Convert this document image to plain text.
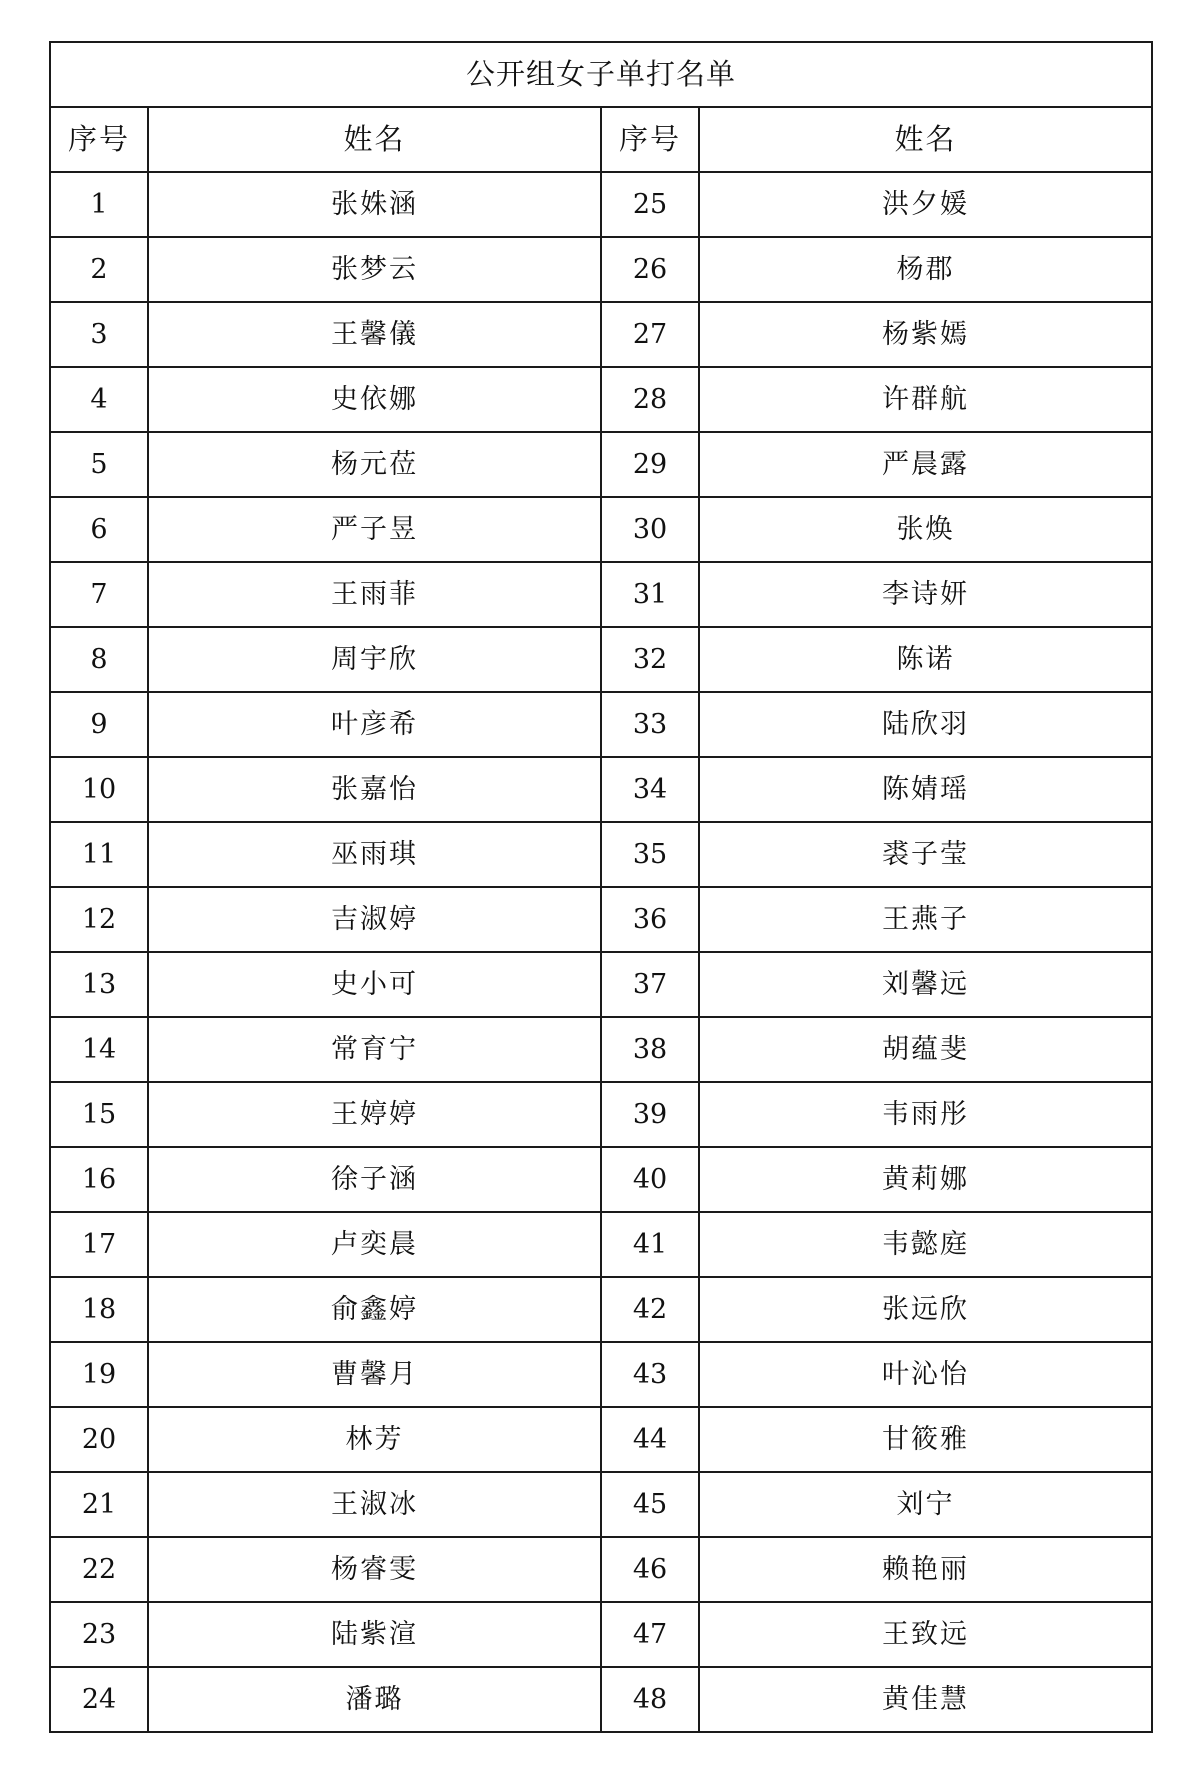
公开组女子单打名单			
序号	姓名	序号	姓名
1	张姝涵	25	洪夕媛
2	张梦云	26	杨郡
3	王馨儀	27	杨紫嫣
4	史依娜	28	许群航
5	杨元莅	29	严晨露
6	严子昱	30	张焕
7	王雨菲	31	李诗妍
8	周宇欣	32	陈诺
9	叶彦希	33	陆欣羽
10	张嘉怡	34	陈婧瑶
11	巫雨琪	35	裘子莹
12	吉淑婷	36	王燕子
13	史小可	37	刘馨远
14	常育宁	38	胡蕴斐
15	王婷婷	39	韦雨彤
16	徐子涵	40	黄莉娜
17	卢奕晨	41	韦懿庭
18	俞鑫婷	42	张远欣
19	曹馨月	43	叶沁怡
20	林芳	44	甘筱雅
21	王淑冰	45	刘宁
22	杨睿雯	46	赖艳丽
23	陆紫渲	47	王致远
24	潘璐	48	黄佳慧
